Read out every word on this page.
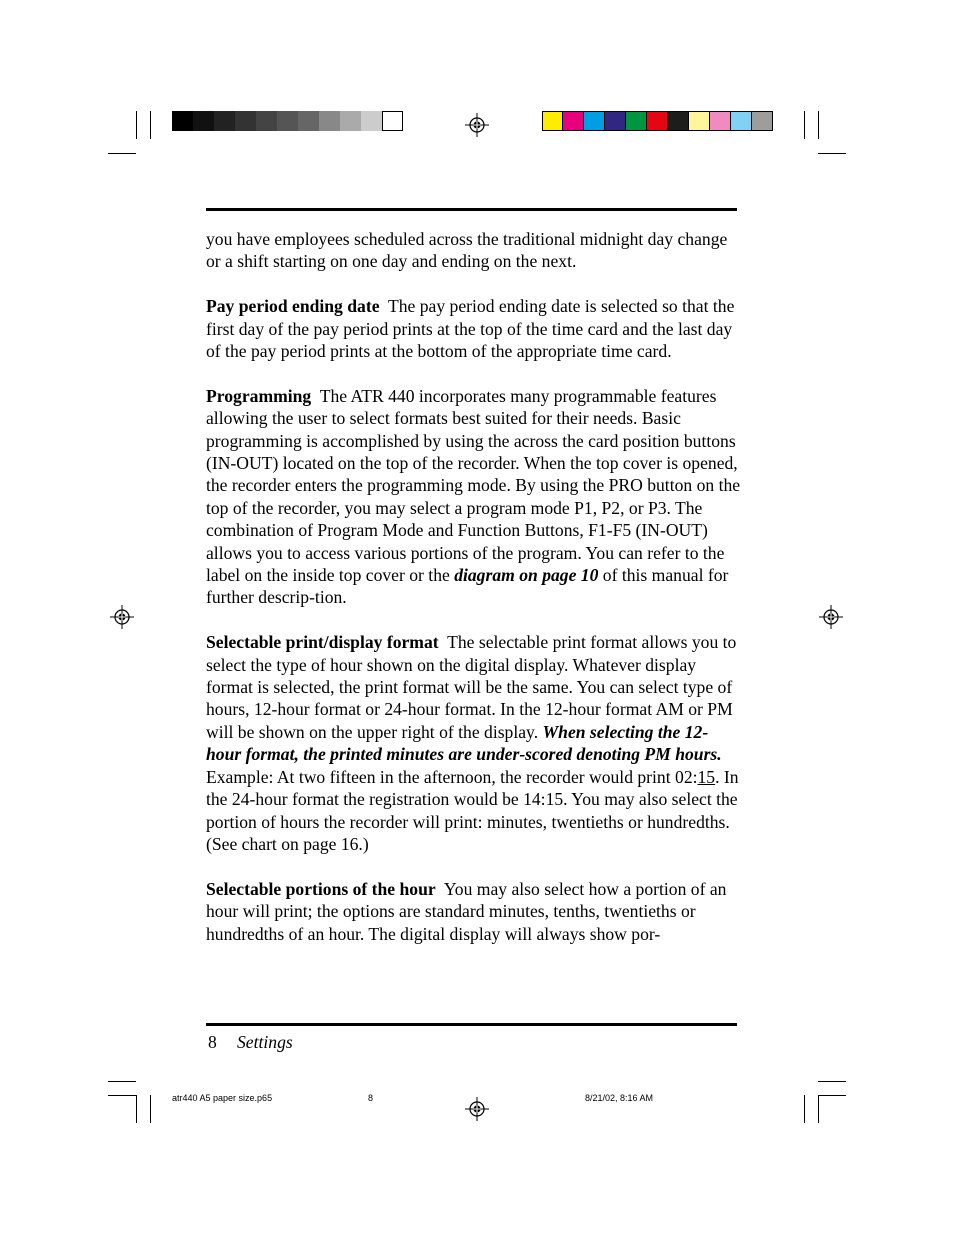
you have employees scheduled across the traditional midnight day change or a shift starting on one day and ending on the next.

Pay period ending date The pay period ending date is selected so that the first day of the pay period prints at the top of the time card and the last day of the pay period prints at the bottom of the appropriate time card.

Programming The ATR 440 incorporates many programmable features allowing the user to select formats best suited for their needs. Basic programming is accomplished by using the across the card position buttons (IN-OUT) located on the top of the recorder. When the top cover is opened, the recorder enters the programming mode. By using the PRO button on the top of the recorder, you may select a program mode P1, P2, or P3. The combination of Program Mode and Function Buttons, F1-F5 (IN-OUT) allows you to access various portions of the program. You can refer to the label on the inside top cover or the diagram on page 10 of this manual for further descrip-tion.

Selectable print/display format The selectable print format allows you to select the type of hour shown on the digital display. Whatever display format is selected, the print format will be the same. You can select type of hours, 12-hour format or 24-hour format. In the 12-hour format AM or PM will be shown on the upper right of the display. When selecting the 12-hour format, the printed minutes are under-scored denoting PM hours. Example: At two fifteen in the afternoon, the recorder would print 02:15. In the 24-hour format the registration would be 14:15. You may also select the portion of hours the recorder will print: minutes, twentieths or hundredths. (See chart on page 16.)

Selectable portions of the hour You may also select how a portion of an hour will print; the options are standard minutes, tenths, twentieths or hundredths of an hour. The digital display will always show por-

8 Settings
atr440 A5 paper size.p65	8	8/21/02, 8:16 AM
